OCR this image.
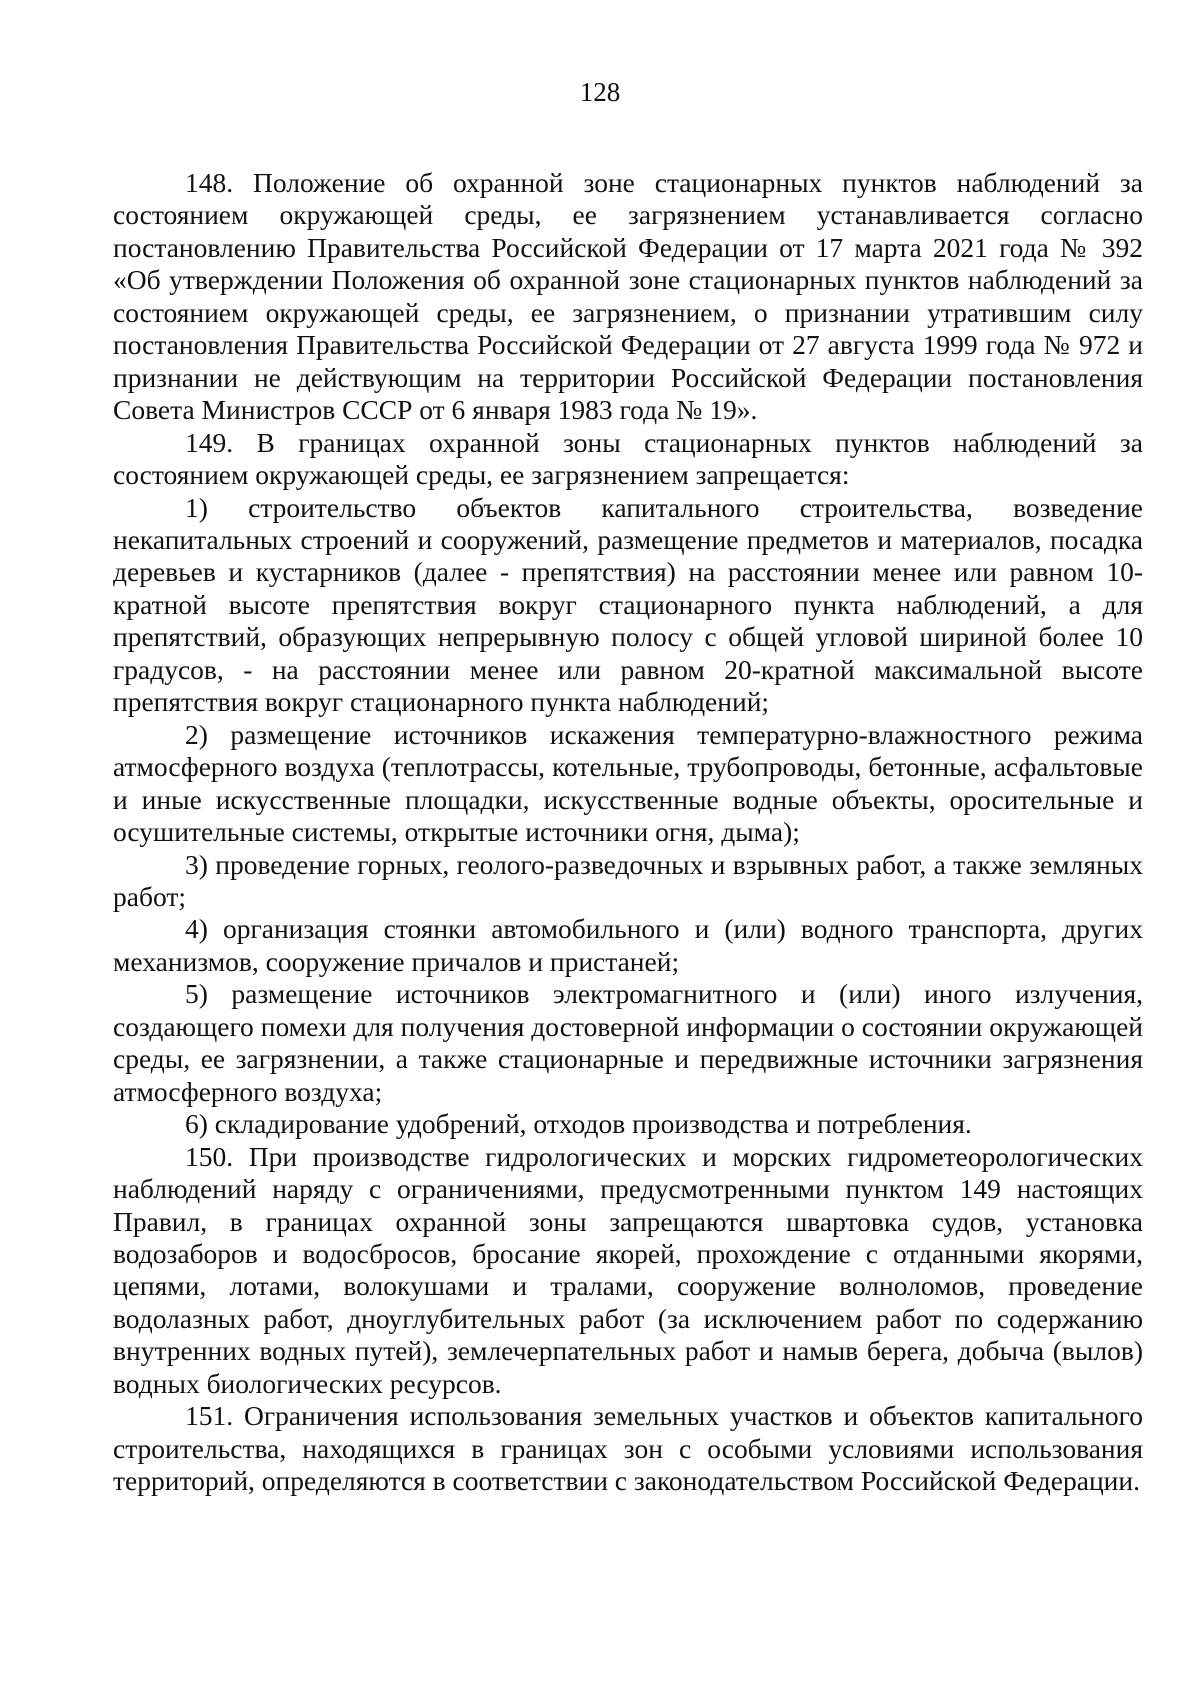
128

148. Положение об охранной зоне стационарных пунктов наблюдений за состоянием окружающей среды, ее загрязнением устанавливается согласно постановлению Правительства Российской Федерации от 17 марта 2021 года № 392 «Об утверждении Положения об охранной зоне стационарных пунктов наблюдений за состоянием окружающей среды, ее загрязнением, о признании утратившим силу постановления Правительства Российской Федерации от 27 августа 1999 года № 972 и признании не действующим на территории Российской Федерации постановления Совета Министров СССР от 6 января 1983 года № 19».

149. В границах охранной зоны стационарных пунктов наблюдений за состоянием окружающей среды, ее загрязнением запрещается:

1) строительство объектов капитального строительства, возведение некапитальных строений и сооружений, размещение предметов и материалов, посадка деревьев и кустарников (далее - препятствия) на расстоянии менее или равном 10-кратной высоте препятствия вокруг стационарного пункта наблюдений, а для препятствий, образующих непрерывную полосу с общей угловой шириной более 10 градусов, - на расстоянии менее или равном 20-кратной максимальной высоте препятствия вокруг стационарного пункта наблюдений;

2) размещение источников искажения температурно-влажностного режима атмосферного воздуха (теплотрассы, котельные, трубопроводы, бетонные, асфальтовые и иные искусственные площадки, искусственные водные объекты, оросительные и осушительные системы, открытые источники огня, дыма);

3) проведение горных, геолого-разведочных и взрывных работ, а также земляных работ;

4) организация стоянки автомобильного и (или) водного транспорта, других механизмов, сооружение причалов и пристаней;

5) размещение источников электромагнитного и (или) иного излучения, создающего помехи для получения достоверной информации о состоянии окружающей среды, ее загрязнении, а также стационарные и передвижные источники загрязнения атмосферного воздуха;

6) складирование удобрений, отходов производства и потребления.

150. При производстве гидрологических и морских гидрометеорологических наблюдений наряду с ограничениями, предусмотренными пунктом 149 настоящих Правил, в границах охранной зоны запрещаются швартовка судов, установка водозаборов и водосбросов, бросание якорей, прохождение с отданными якорями, цепями, лотами, волокушами и тралами, сооружение волноломов, проведение водолазных работ, дноуглубительных работ (за исключением работ по содержанию внутренних водных путей), землечерпательных работ и намыв берега, добыча (вылов) водных биологических ресурсов.

151. Ограничения использования земельных участков и объектов капитального строительства, находящихся в границах зон с особыми условиями использования территорий, определяются в соответствии с законодательством Российской Федерации.
